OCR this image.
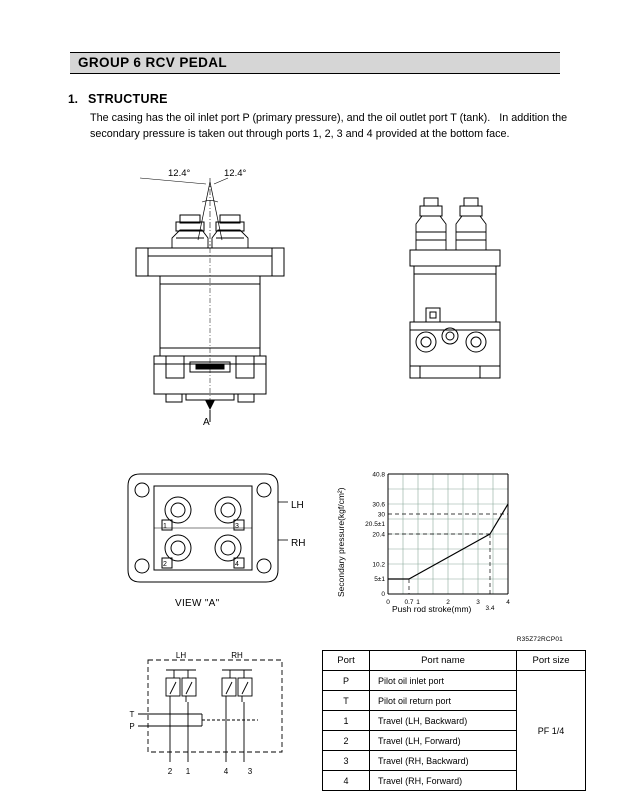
GROUP 6 RCV PEDAL
1. STRUCTURE
The casing has the oil inlet port P (primary pressure), and the oil outlet port T (tank).   In addition the
secondary pressure is taken out through ports 1, 2, 3 and 4 provided at the bottom face.
12.4°	12.4°
A
1	3
2	4
LH
RH
VIEW "A"
40.8
30.6
30
20.5±1
20.4
10.2
5±1
0
0 0.7 1	2	3
3.4
4
Secondary pressure(kgf/cm²)
Push rod stroke(mm)
R35Z72RCP01
LH	RH
2 1	4 3
T
P
Port	Port name	Port size
P	Pilot oil inlet port	PF 1/4
T	Pilot oil return port	
1	Travel (LH, Backward)	
2	Travel (LH, Forward)	
3	Travel (RH, Backward)	
4	Travel (RH, Forward)	
